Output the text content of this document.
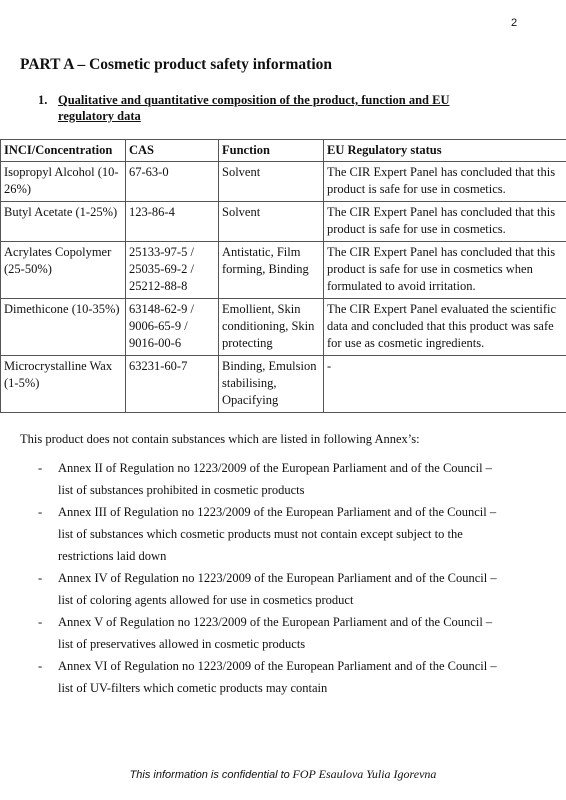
2
PART A – Cosmetic product safety information
1. Qualitative and quantitative composition of the product, function and EU regulatory data
INCI/Concentration	CAS	Function	EU Regulatory status
Isopropyl Alcohol (10-26%)	67-63-0	Solvent	The CIR Expert Panel has concluded that this product is safe for use in cosmetics.
Butyl Acetate (1-25%)	123-86-4	Solvent	The CIR Expert Panel has concluded that this product is safe for use in cosmetics.
Acrylates Copolymer (25-50%)	25133-97-5 / 25035-69-2 / 25212-88-8	Antistatic, Film forming, Binding	The CIR Expert Panel has concluded that this product is safe for use in cosmetics when formulated to avoid irritation.
Dimethicone (10-35%)	63148-62-9 / 9006-65-9 / 9016-00-6	Emollient, Skin conditioning, Skin protecting	The CIR Expert Panel evaluated the scientific data and concluded that this product was safe for use as cosmetic ingredients.
Microcrystalline Wax (1-5%)	63231-60-7	Binding, Emulsion stabilising, Opacifying	-
This product does not contain substances which are listed in following Annex’s:
-	Annex II of Regulation no 1223/2009 of the European Parliament and of the Council –
list of substances prohibited in cosmetic products
-	Annex III of Regulation no 1223/2009 of the European Parliament and of the Council –
list of substances which cosmetic products must not contain except subject to the restrictions laid down
-	Annex IV of Regulation no 1223/2009 of the European Parliament and of the Council –
list of coloring agents allowed for use in cosmetics product
-	Annex V of Regulation no 1223/2009 of the European Parliament and of the Council –
list of preservatives allowed in cosmetic products
-	Annex VI of Regulation no 1223/2009 of the European Parliament and of the Council –
list of UV-filters which cometic products may contain
This information is confidential to FOP Esaulova Yulia Igorevna
